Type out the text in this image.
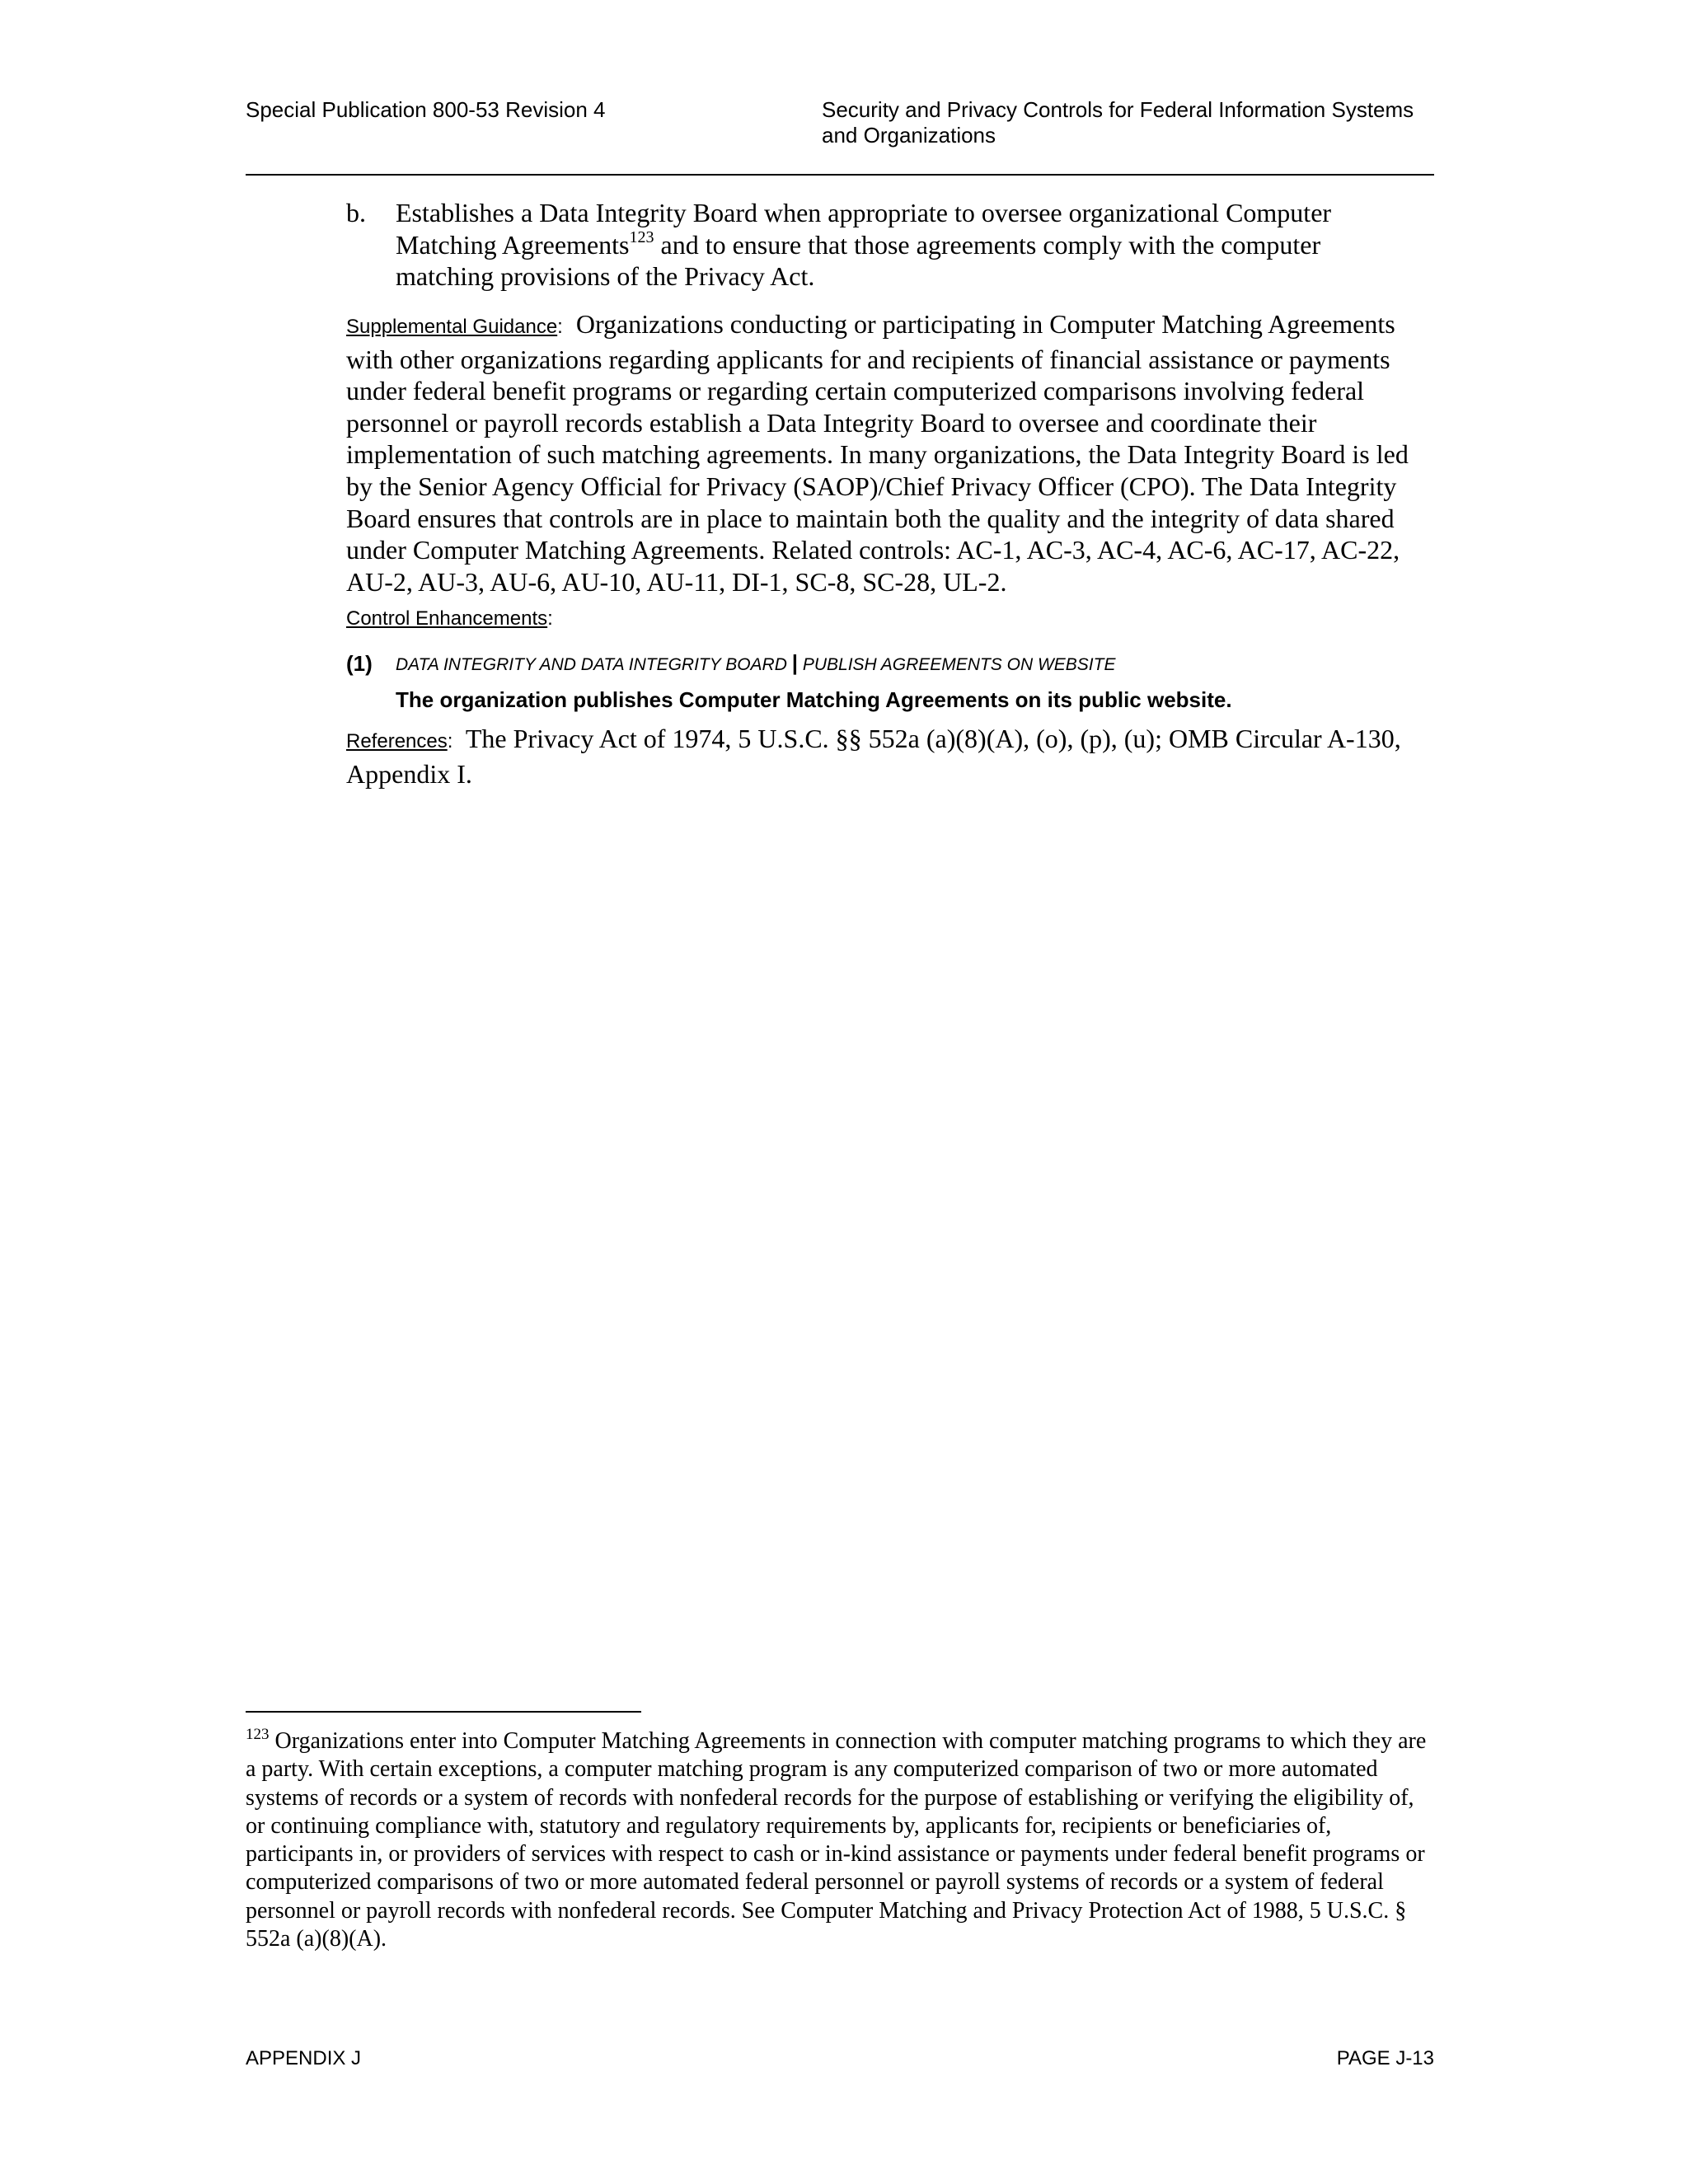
Special Publication 800-53 Revision 4	Security and Privacy Controls for Federal Information Systems and Organizations
b. Establishes a Data Integrity Board when appropriate to oversee organizational Computer Matching Agreements$^{123}$ and to ensure that those agreements comply with the computer matching provisions of the Privacy Act.
Supplemental Guidance: Organizations conducting or participating in Computer Matching Agreements with other organizations regarding applicants for and recipients of financial assistance or payments under federal benefit programs or regarding certain computerized comparisons involving federal personnel or payroll records establish a Data Integrity Board to oversee and coordinate their implementation of such matching agreements. In many organizations, the Data Integrity Board is led by the Senior Agency Official for Privacy (SAOP)/Chief Privacy Officer (CPO). The Data Integrity Board ensures that controls are in place to maintain both the quality and the integrity of data shared under Computer Matching Agreements. Related controls: AC-1, AC-3, AC-4, AC-6, AC-17, AC-22, AU-2, AU-3, AU-6, AU-10, AU-11, DI-1, SC-8, SC-28, UL-2.
Control Enhancements:
(1) DATA INTEGRITY AND DATA INTEGRITY BOARD | PUBLISH AGREEMENTS ON WEBSITE
The organization publishes Computer Matching Agreements on its public website.
References: The Privacy Act of 1974, 5 U.S.C. §§ 552a (a)(8)(A), (o), (p), (u); OMB Circular A-130, Appendix I.
$^{123}$ Organizations enter into Computer Matching Agreements in connection with computer matching programs to which they are a party. With certain exceptions, a computer matching program is any computerized comparison of two or more automated systems of records or a system of records with nonfederal records for the purpose of establishing or verifying the eligibility of, or continuing compliance with, statutory and regulatory requirements by, applicants for, recipients or beneficiaries of, participants in, or providers of services with respect to cash or in-kind assistance or payments under federal benefit programs or computerized comparisons of two or more automated federal personnel or payroll systems of records or a system of federal personnel or payroll records with nonfederal records. See Computer Matching and Privacy Protection Act of 1988, 5 U.S.C. § 552a (a)(8)(A).
APPENDIX J	PAGE J-13
